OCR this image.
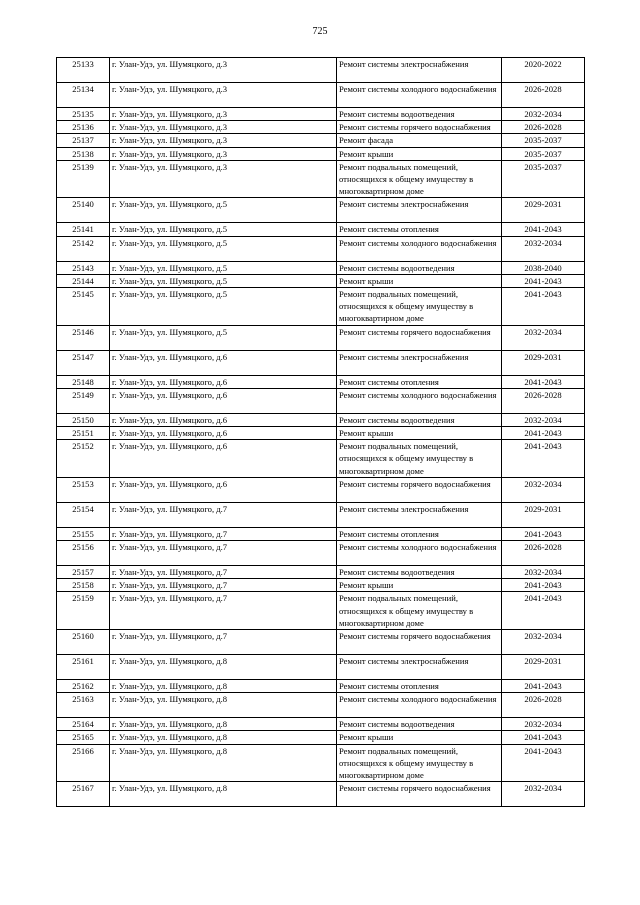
725
25133	г. Улан-Удэ, ул. Шумяцкого, д.3	Ремонт системы электроснабжения	2020-2022
25134	г. Улан-Удэ, ул. Шумяцкого, д.3	Ремонт системы холодного водоснабжения	2026-2028
25135	г. Улан-Удэ, ул. Шумяцкого, д.3	Ремонт системы водоотведения	2032-2034
25136	г. Улан-Удэ, ул. Шумяцкого, д.3	Ремонт системы горячего водоснабжения	2026-2028
25137	г. Улан-Удэ, ул. Шумяцкого, д.3	Ремонт фасада	2035-2037
25138	г. Улан-Удэ, ул. Шумяцкого, д.3	Ремонт крыши	2035-2037
25139	г. Улан-Удэ, ул. Шумяцкого, д.3	Ремонт подвальных помещений, относящихся к общему имуществу в многоквартирном доме	2035-2037
25140	г. Улан-Удэ, ул. Шумяцкого, д.5	Ремонт системы электроснабжения	2029-2031
25141	г. Улан-Удэ, ул. Шумяцкого, д.5	Ремонт системы отопления	2041-2043
25142	г. Улан-Удэ, ул. Шумяцкого, д.5	Ремонт системы холодного водоснабжения	2032-2034
25143	г. Улан-Удэ, ул. Шумяцкого, д.5	Ремонт системы водоотведения	2038-2040
25144	г. Улан-Удэ, ул. Шумяцкого, д.5	Ремонт крыши	2041-2043
25145	г. Улан-Удэ, ул. Шумяцкого, д.5	Ремонт подвальных помещений, относящихся к общему имуществу в многоквартирном доме	2041-2043
25146	г. Улан-Удэ, ул. Шумяцкого, д.5	Ремонт системы горячего водоснабжения	2032-2034
25147	г. Улан-Удэ, ул. Шумяцкого, д.6	Ремонт системы электроснабжения	2029-2031
25148	г. Улан-Удэ, ул. Шумяцкого, д.6	Ремонт системы отопления	2041-2043
25149	г. Улан-Удэ, ул. Шумяцкого, д.6	Ремонт системы холодного водоснабжения	2026-2028
25150	г. Улан-Удэ, ул. Шумяцкого, д.6	Ремонт системы водоотведения	2032-2034
25151	г. Улан-Удэ, ул. Шумяцкого, д.6	Ремонт крыши	2041-2043
25152	г. Улан-Удэ, ул. Шумяцкого, д.6	Ремонт подвальных помещений, относящихся к общему имуществу в многоквартирном доме	2041-2043
25153	г. Улан-Удэ, ул. Шумяцкого, д.6	Ремонт системы горячего водоснабжения	2032-2034
25154	г. Улан-Удэ, ул. Шумяцкого, д.7	Ремонт системы электроснабжения	2029-2031
25155	г. Улан-Удэ, ул. Шумяцкого, д.7	Ремонт системы отопления	2041-2043
25156	г. Улан-Удэ, ул. Шумяцкого, д.7	Ремонт системы холодного водоснабжения	2026-2028
25157	г. Улан-Удэ, ул. Шумяцкого, д.7	Ремонт системы водоотведения	2032-2034
25158	г. Улан-Удэ, ул. Шумяцкого, д.7	Ремонт крыши	2041-2043
25159	г. Улан-Удэ, ул. Шумяцкого, д.7	Ремонт подвальных помещений, относящихся к общему имуществу в многоквартирном доме	2041-2043
25160	г. Улан-Удэ, ул. Шумяцкого, д.7	Ремонт системы горячего водоснабжения	2032-2034
25161	г. Улан-Удэ, ул. Шумяцкого, д.8	Ремонт системы электроснабжения	2029-2031
25162	г. Улан-Удэ, ул. Шумяцкого, д.8	Ремонт системы отопления	2041-2043
25163	г. Улан-Удэ, ул. Шумяцкого, д.8	Ремонт системы холодного водоснабжения	2026-2028
25164	г. Улан-Удэ, ул. Шумяцкого, д.8	Ремонт системы водоотведения	2032-2034
25165	г. Улан-Удэ, ул. Шумяцкого, д.8	Ремонт крыши	2041-2043
25166	г. Улан-Удэ, ул. Шумяцкого, д.8	Ремонт подвальных помещений, относящихся к общему имуществу в многоквартирном доме	2041-2043
25167	г. Улан-Удэ, ул. Шумяцкого, д.8	Ремонт системы горячего водоснабжения	2032-2034
